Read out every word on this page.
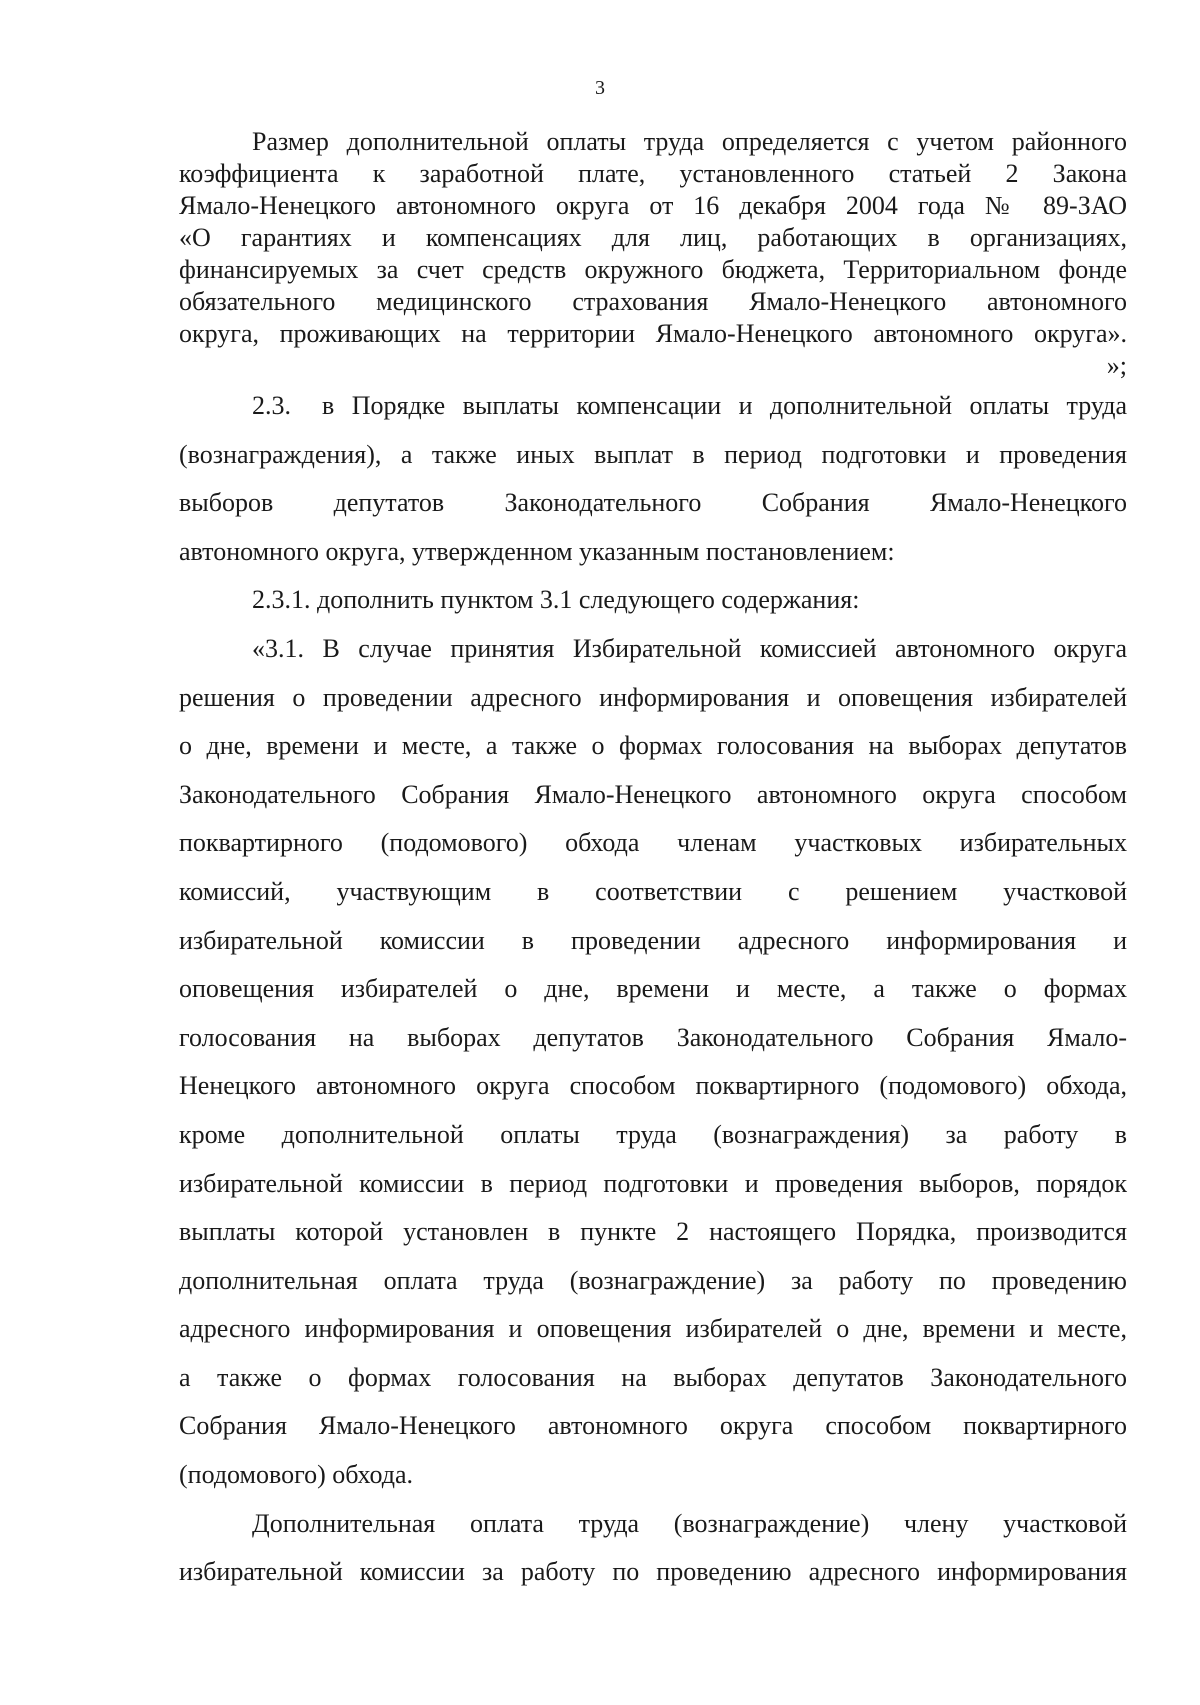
3
Размер дополнительной оплаты труда определяется с учетом районного
коэффициента к заработной плате, установленного статьей 2 Закона
Ямало-Ненецкого автономного округа от 16 декабря 2004 года № 89-ЗАО
«О гарантиях и компенсациях для лиц, работающих в организациях,
финансируемых за счет средств окружного бюджета, Территориальном фонде
обязательного медицинского страхования Ямало-Ненецкого автономного
округа, проживающих на территории Ямало-Ненецкого автономного округа».
»;
2.3. в Порядке выплаты компенсации и дополнительной оплаты труда
(вознаграждения), а также иных выплат в период подготовки и проведения
выборов депутатов Законодательного Собрания Ямало-Ненецкого
автономного округа, утвержденном указанным постановлением:
2.3.1. дополнить пунктом 3.1 следующего содержания:
«3.1. В случае принятия Избирательной комиссией автономного округа
решения о проведении адресного информирования и оповещения избирателей
о дне, времени и месте, а также о формах голосования на выборах депутатов
Законодательного Собрания Ямало-Ненецкого автономного округа способом
поквартирного (подомового) обхода членам участковых избирательных
комиссий, участвующим в соответствии с решением участковой
избирательной комиссии в проведении адресного информирования и
оповещения избирателей о дне, времени и месте, а также о формах
голосования на выборах депутатов Законодательного Собрания Ямало-
Ненецкого автономного округа способом поквартирного (подомового) обхода,
кроме дополнительной оплаты труда (вознаграждения) за работу в
избирательной комиссии в период подготовки и проведения выборов, порядок
выплаты которой установлен в пункте 2 настоящего Порядка, производится
дополнительная оплата труда (вознаграждение) за работу по проведению
адресного информирования и оповещения избирателей о дне, времени и месте,
а также о формах голосования на выборах депутатов Законодательного
Собрания Ямало-Ненецкого автономного округа способом поквартирного
(подомового) обхода.
Дополнительная оплата труда (вознаграждение) члену участковой
избирательной комиссии за работу по проведению адресного информирования
